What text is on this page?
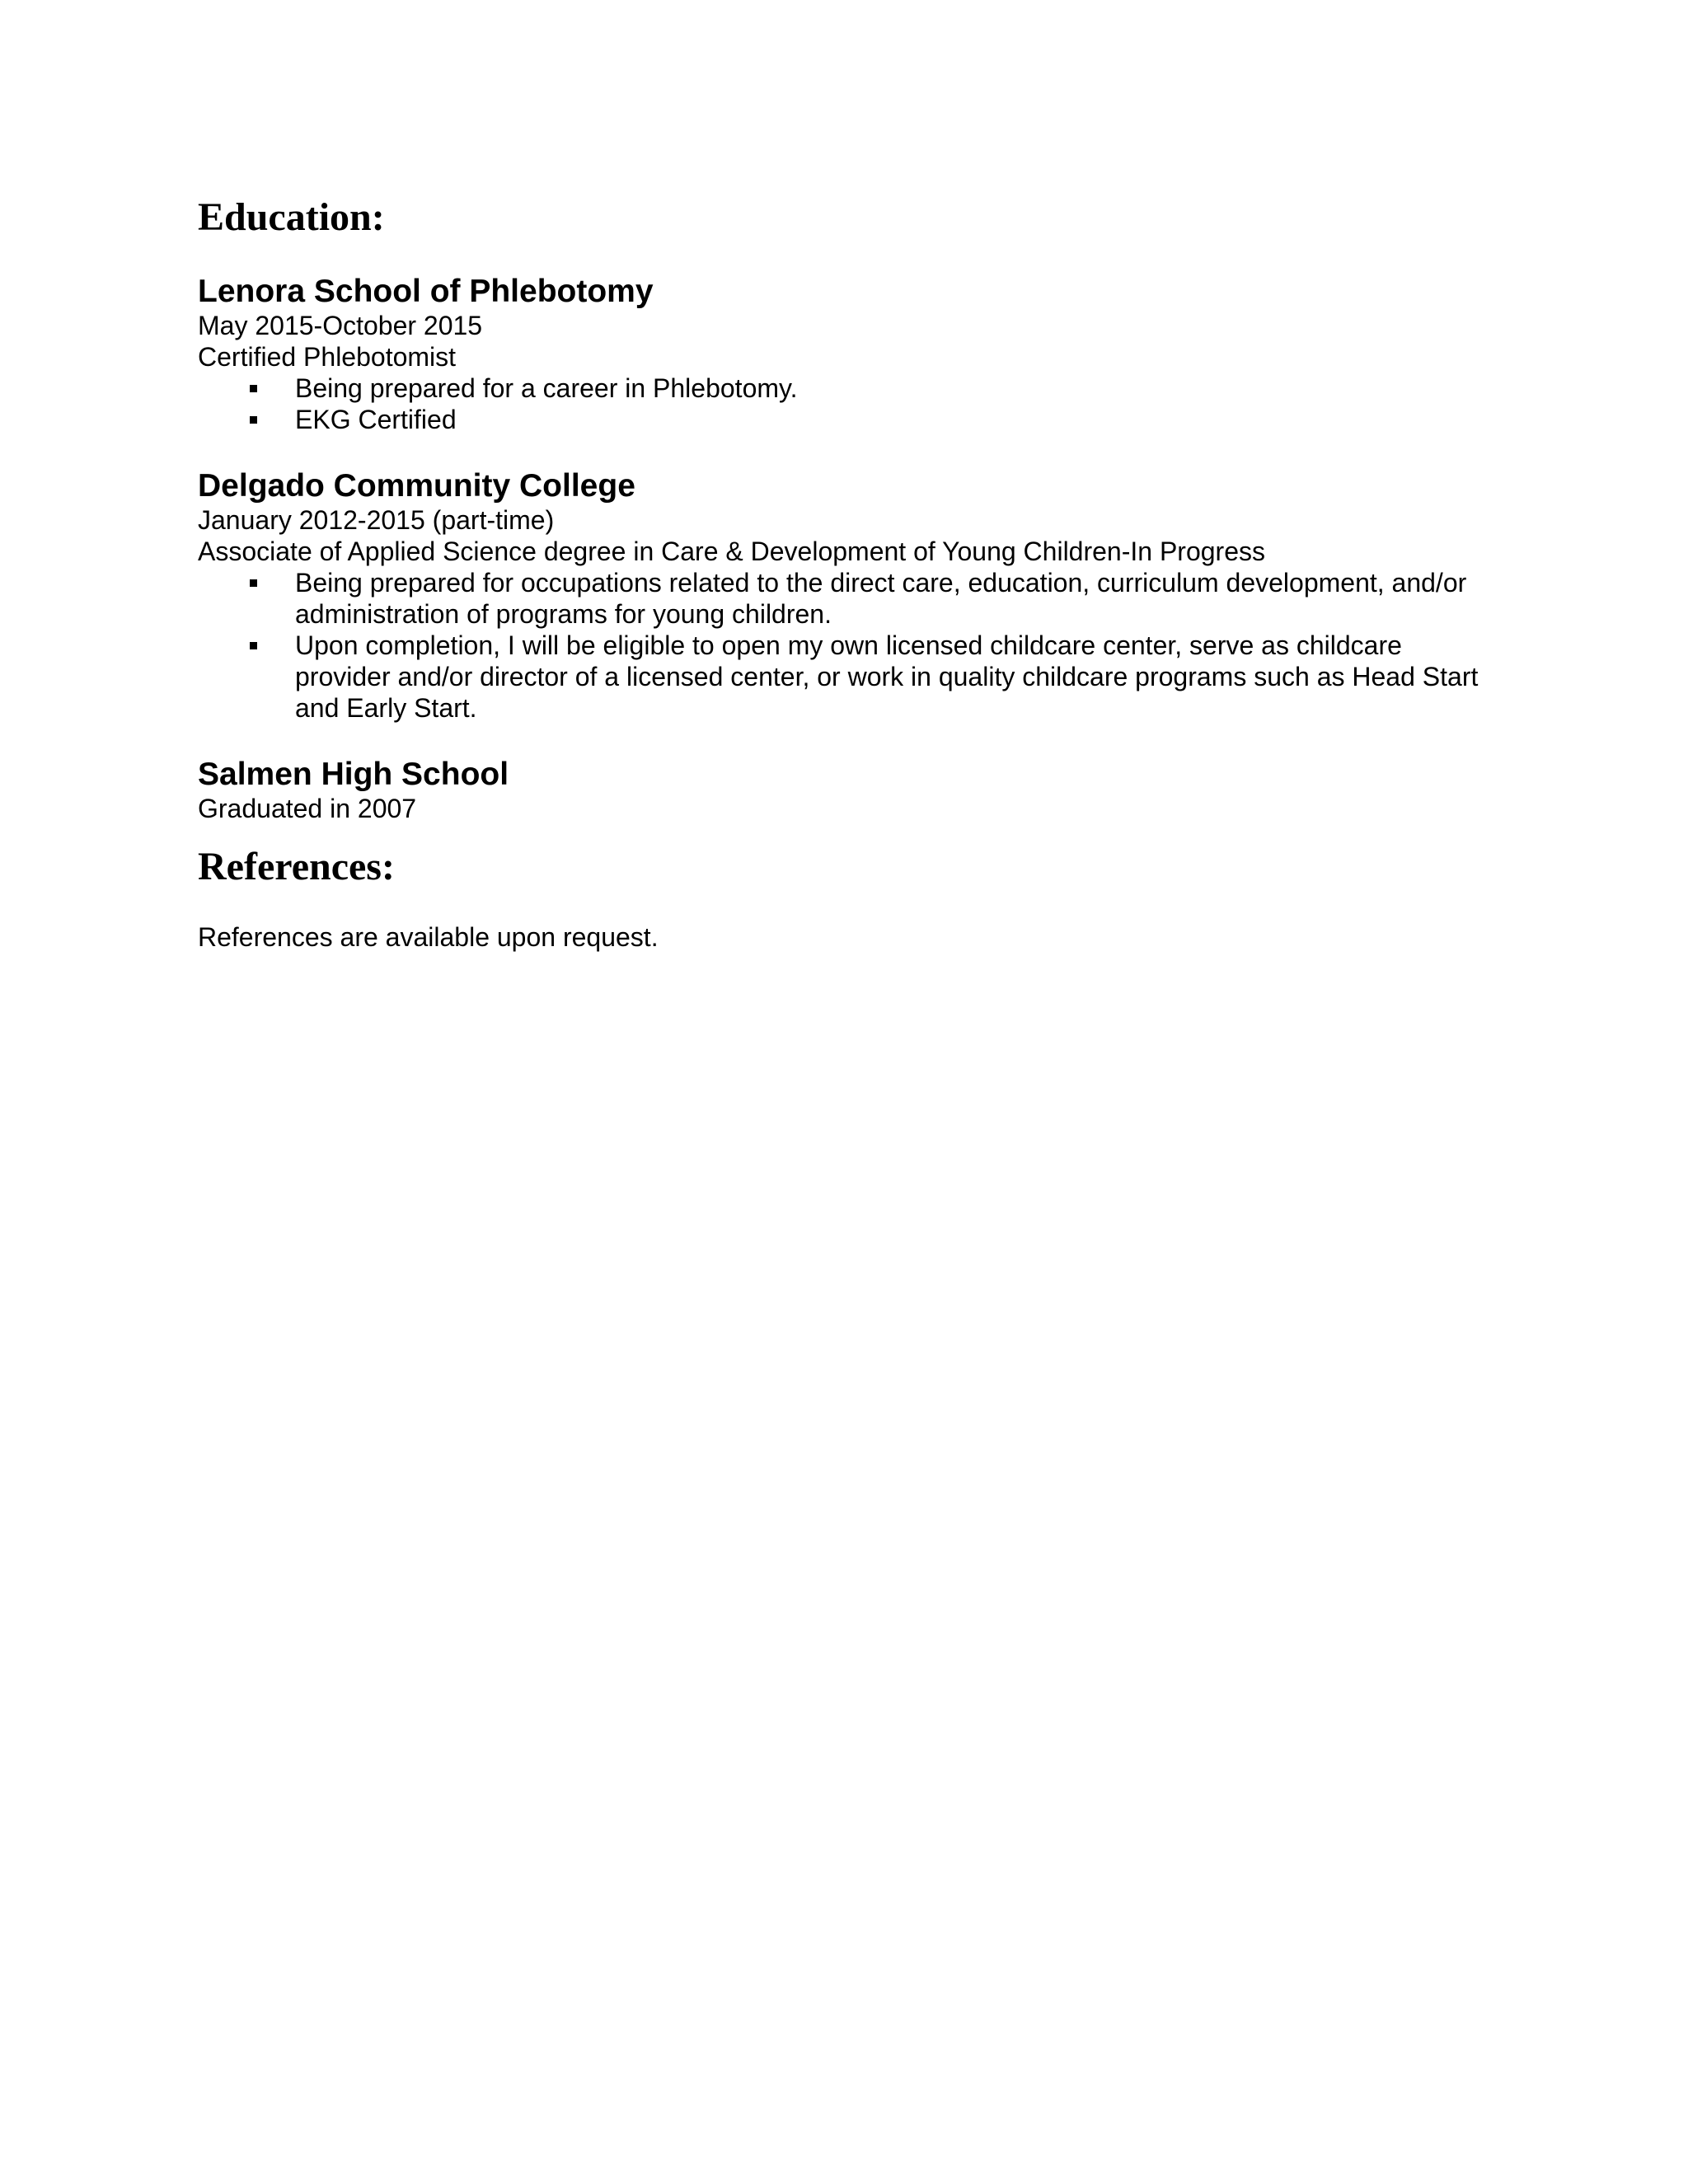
Education:
Lenora School of Phlebotomy
May 2015-October 2015
Certified Phlebotomist
Being prepared for a career in Phlebotomy.
EKG Certified
Delgado Community College
January 2012-2015 (part-time)
Associate of Applied Science degree in Care & Development of Young Children-In Progress
Being prepared for occupations related to the direct care, education, curriculum development, and/or administration of programs for young children.
Upon completion, I will be eligible to open my own licensed childcare center, serve as childcare provider and/or director of a licensed center, or work in quality childcare programs such as Head Start and Early Start.
Salmen High School
Graduated in 2007
References:
References are available upon request.
